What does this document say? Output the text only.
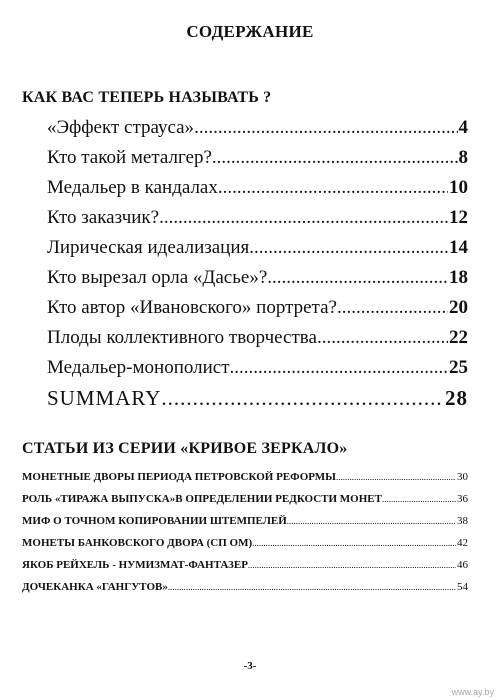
СОДЕРЖАНИЕ
КАК ВАС ТЕПЕРЬ НАЗЫВАТЬ ?
«Эффект страуса» .....	4
Кто такой металгер? .....	8
Медальер в кандалах .....	10
Кто заказчик? .....	12
Лирическая идеализация .....	14
Кто вырезал орла «Дасье»? .....	18
Кто автор «Ивановского» портрета? .....	20
Плоды коллективного творчества .....	22
Медальер-монополист .....	25
SUMMARY .....	28
СТАТЬИ ИЗ СЕРИИ «КРИВОЕ ЗЕРКАЛО»
МОНЕТНЫЕ ДВОРЫ ПЕРИОДА ПЕТРОВСКОЙ РЕФОРМЫ .....	30
РОЛЬ «ТИРАЖА ВЫПУСКА»В ОПРЕДЕЛЕНИИ РЕДКОСТИ МОНЕТ .....	36
МИФ О ТОЧНОМ КОПИРОВАНИИ ШТЕМПЕЛЕЙ .....	38
МОНЕТЫ БАНКОВСКОГО ДВОРА (СП ОМ) .....	42
ЯКОБ РЕЙХЕЛЬ - НУМИЗМАТ-ФАНТАЗЕР .....	46
ДОЧЕКАНКА «ГАНГУТОВ» .....	54
-3-
www.ay.by
